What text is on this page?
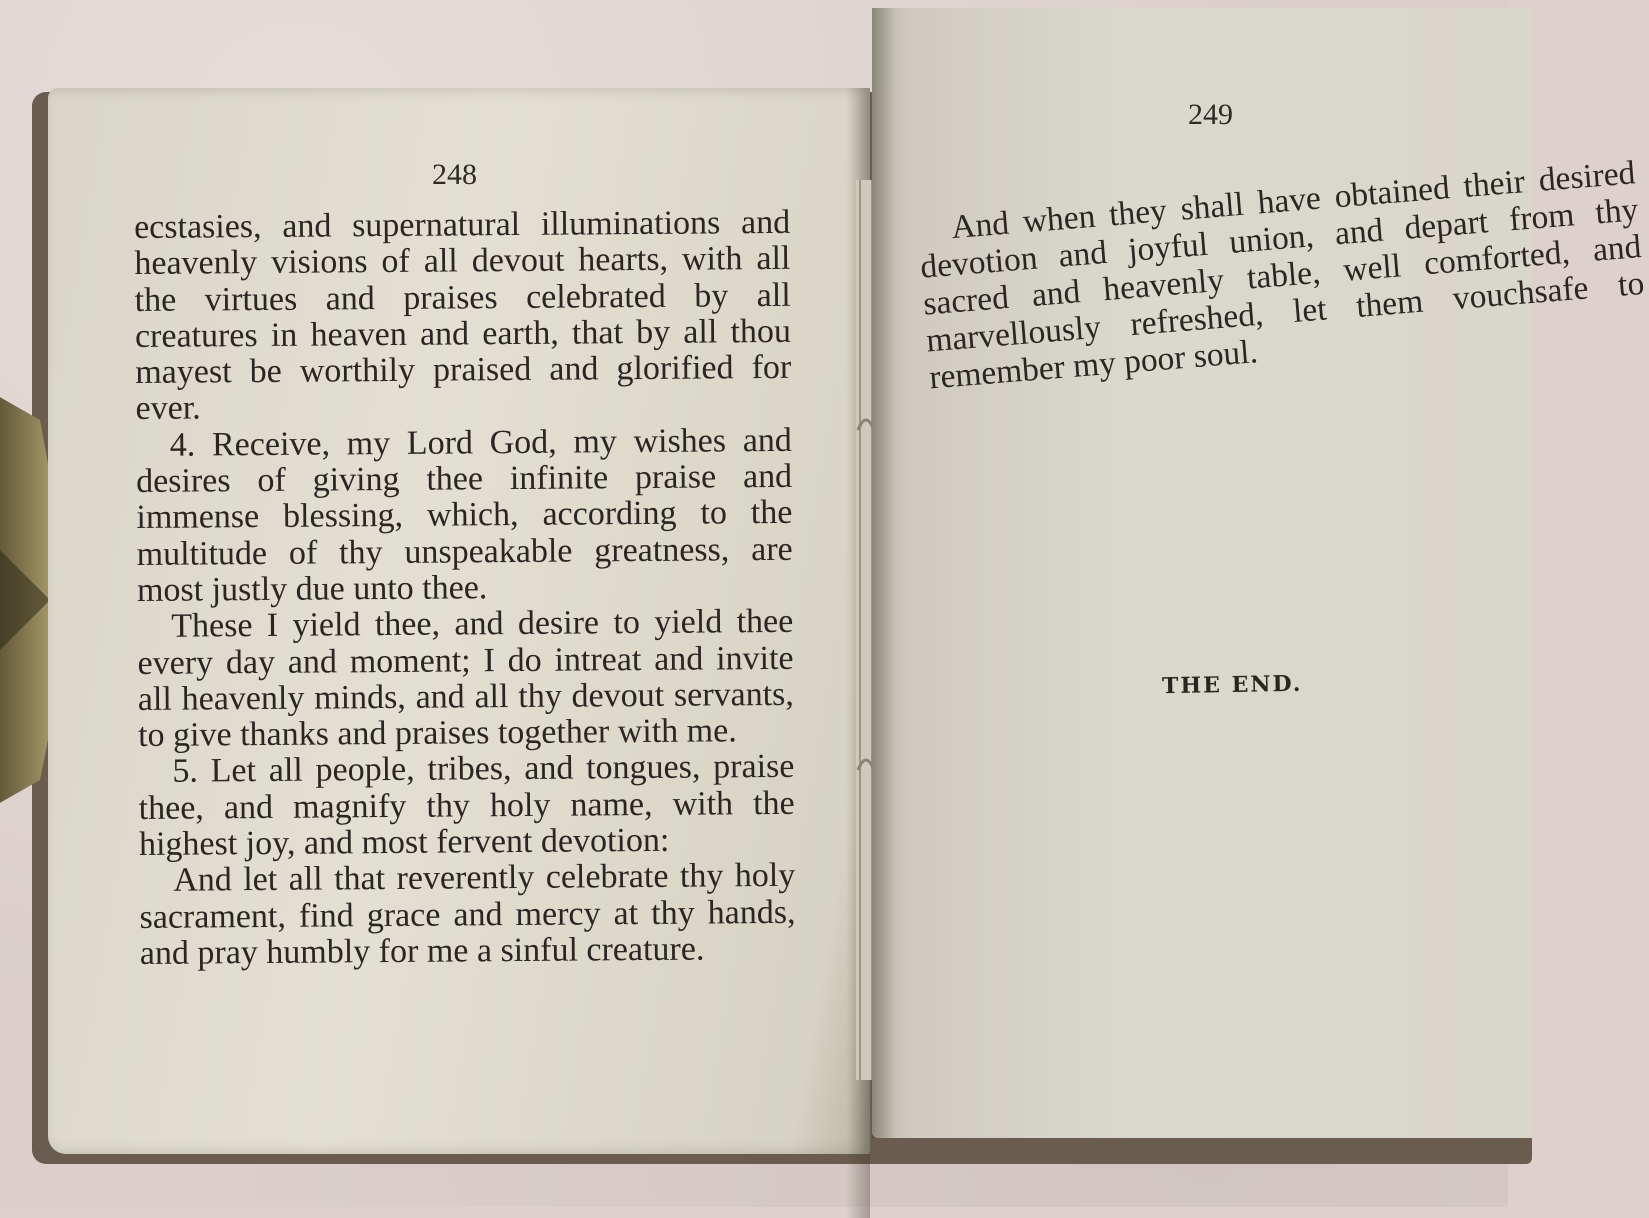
248

ecstasies, and supernatural illuminations and heavenly visions of all devout hearts, with all the virtues and praises celebrated by all creatures in heaven and earth, that by all thou mayest be worthily praised and glorified for ever.

4. Receive, my Lord God, my wishes and desires of giving thee infinite praise and immense blessing, which, according to the multitude of thy unspeakable greatness, are most justly due unto thee.

These I yield thee, and desire to yield thee every day and moment; I do intreat and invite all heavenly minds, and all thy devout servants, to give thanks and praises together with me.

5. Let all people, tribes, and tongues, praise thee, and magnify thy holy name, with the highest joy, and most fervent devotion:

And let all that reverently celebrate thy holy sacrament, find grace and mercy at thy hands, and pray humbly for me a sinful creature.

249

And when they shall have obtained their desired devotion and joyful union, and depart from thy sacred and heavenly table, well comforted, and marvellously refreshed, let them vouchsafe to remember my poor soul.

THE END.
